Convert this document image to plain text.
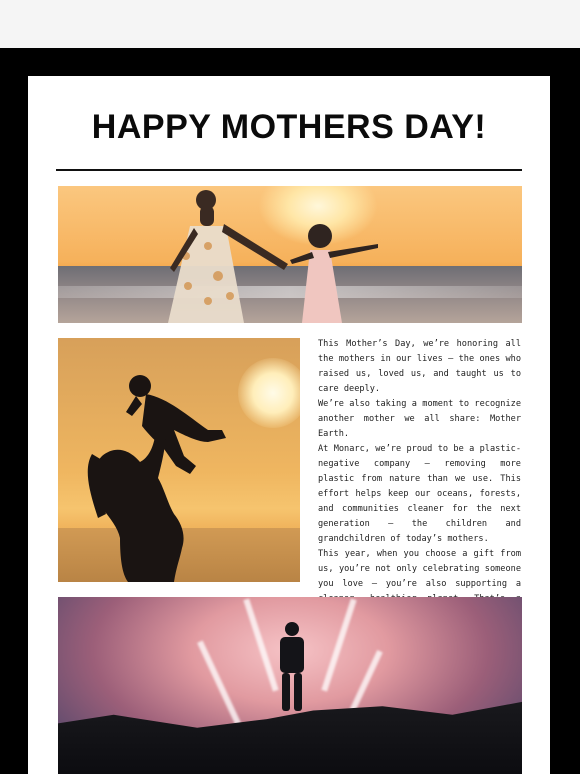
HAPPY MOTHERS DAY!

This Mother’s Day, we’re honoring all the mothers in our lives — the ones who raised us, loved us, and taught us to care deeply.

We’re also taking a moment to recognize another mother we all share: Mother Earth.

At Monarc, we’re proud to be a plastic-negative company — removing more plastic from nature than we use. This effort helps keep our oceans, forests, and communities cleaner for the next generation — the children and grandchildren of today’s mothers.

This year, when you choose a gift from us, you’re not only celebrating someone you love — you’re also supporting a
